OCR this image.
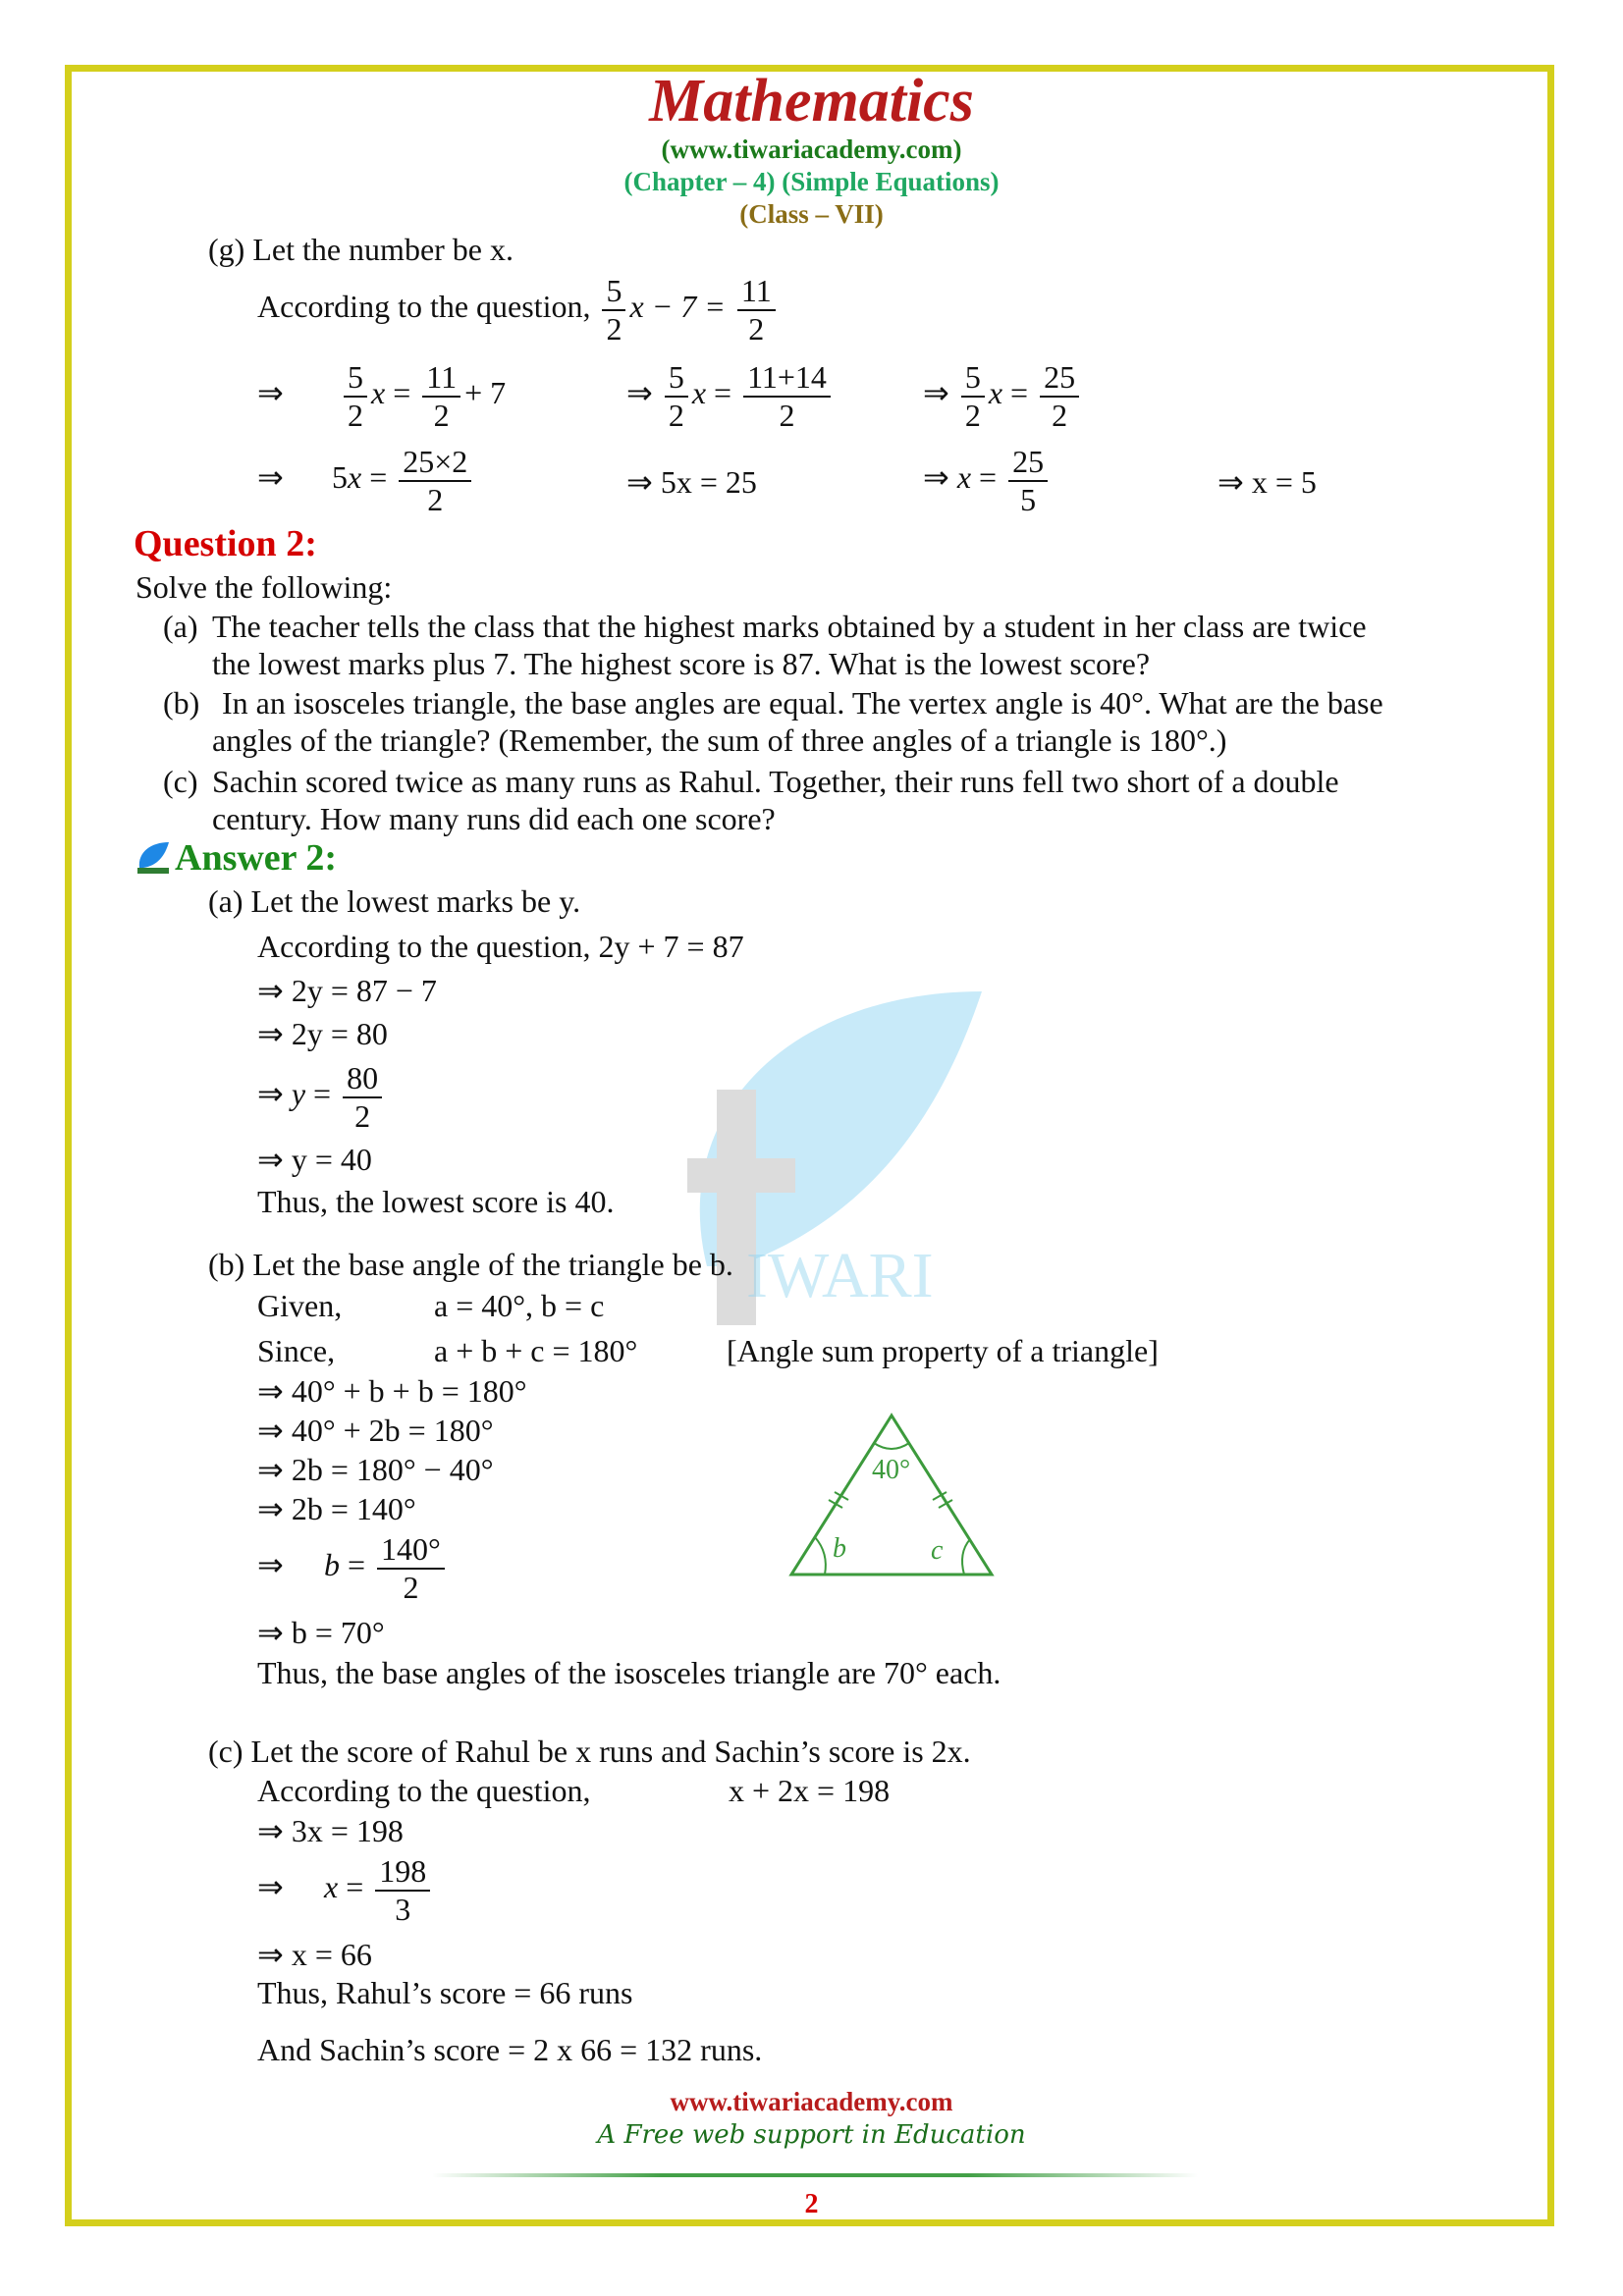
IWARI
Mathematics
(www.tiwariacademy.com)
(Chapter – 4) (Simple Equations)
(Class – VII)
(g) Let the number be x.
According to the question, $\frac{5}{2}$ $x - 7 = \frac{11}{2}$
⇒ $\frac{5}{2}$ $x = \frac{11}{2} + 7$	⇒ $\frac{5}{2}$ $x = \frac{11+14}{2}$	⇒ $\frac{5}{2}$ $x = \frac{25}{2}$
⇒ $5x = \frac{25\times 2}{2}$	⇒ 5x = 25	⇒ $x = \frac{25}{5}$	⇒ x = 5
Question 2:
Solve the following:
(a) The teacher tells the class that the highest marks obtained by a student in her class are twice
the lowest marks plus 7. The highest score is 87. What is the lowest score?
(b) In an isosceles triangle, the base angles are equal. The vertex angle is 40°. What are the base
angles of the triangle? (Remember, the sum of three angles of a triangle is 180°.)
(c) Sachin scored twice as many runs as Rahul. Together, their runs fell two short of a double
century. How many runs did each one score?
Answer 2:
(a) Let the lowest marks be y.
According to the question, 2y + 7 = 87
⇒ 2y = 87 − 7
⇒ 2y = 80
⇒ $y = \frac{80}{2}$
⇒ y = 40
Thus, the lowest score is 40.
(b) Let the base angle of the triangle be b.
Given,	a = 40°, b = c
Since,	a + b + c = 180°	[Angle sum property of a triangle]
⇒ 40° + b + b = 180°
⇒ 40° + 2b = 180°
⇒ 2b = 180° − 40°
⇒ 2b = 140°
⇒ $b = \frac{140^\circ}{2}$
⇒ b = 70°
Thus, the base angles of the isosceles triangle are 70° each.
40°
b	c
(c) Let the score of Rahul be x runs and Sachin’s score is 2x.
According to the question,	x + 2x = 198
⇒ 3x = 198
⇒ $x = \frac{198}{3}$
⇒ x = 66
Thus, Rahul’s score = 66 runs
And Sachin’s score = 2 x 66 = 132 runs.
www.tiwariacademy.com
A Free web support in Education
2
